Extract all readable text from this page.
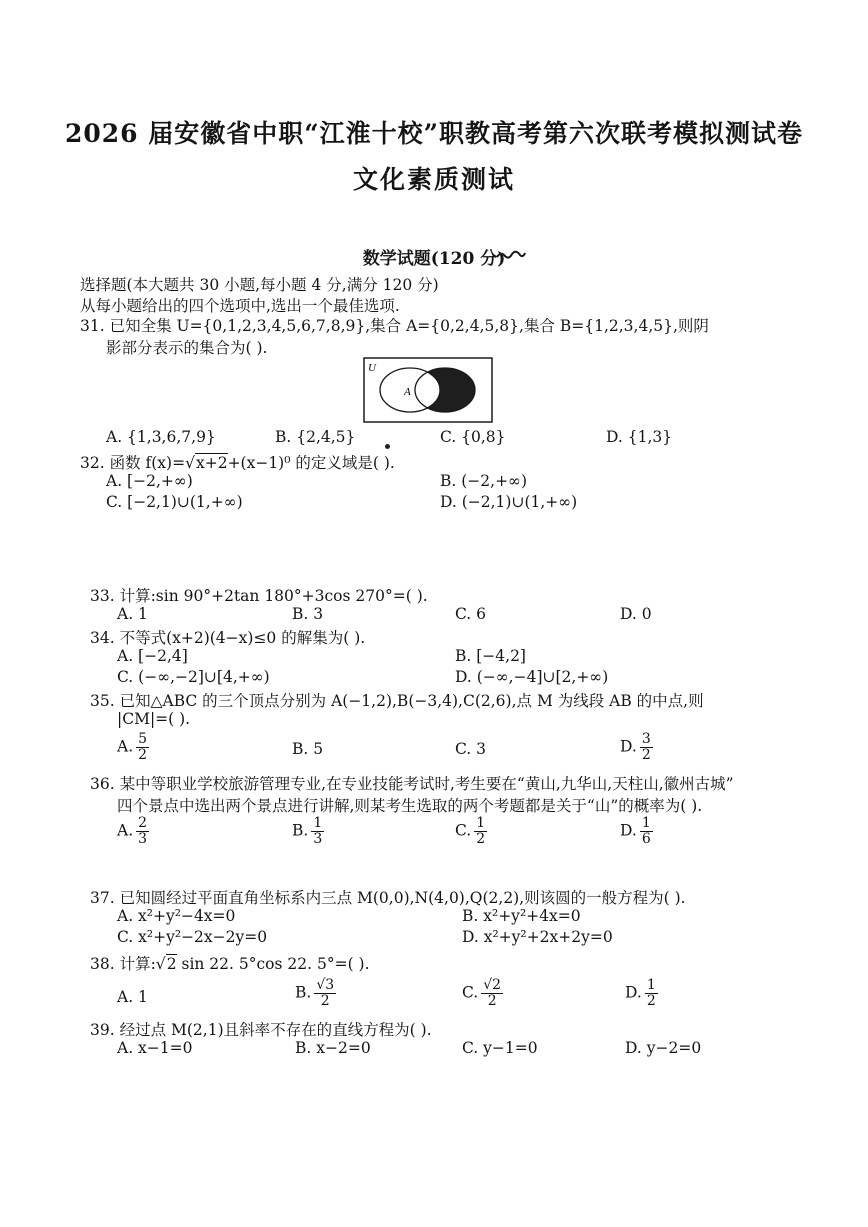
2026 届安徽省中职“江淮十校”职教高考第六次联考模拟测试卷
文化素质测试
数学试题(120 分)
选择题(本大题共 30 小题,每小题 4 分,满分 120 分)
从每小题给出的四个选项中,选出一个最佳选项.
31. 已知全集 U={0,1,2,3,4,5,6,7,8,9},集合 A={0,2,4,5,8},集合 B={1,2,3,4,5},则阴
影部分表示的集合为( ).
U
A
A. {1,3,6,7,9}	B. {2,4,5}	C. {0,8}	D. {1,3}
32. 函数 f(x)=√x+2+(x−1)⁰ 的定义域是( ).
A. [−2,+∞)	B. (−2,+∞)
C. [−2,1)∪(1,+∞)	D. (−2,1)∪(1,+∞)
33. 计算:sin 90°+2tan 180°+3cos 270°=( ).
A. 1	B. 3	C. 6	D. 0
34. 不等式(x+2)(4−x)≤0 的解集为( ).
A. [−2,4]	B. [−4,2]
C. (−∞,−2]∪[4,+∞)	D. (−∞,−4]∪[2,+∞)
35. 已知△ABC 的三个顶点分别为 A(−1,2),B(−3,4),C(2,6),点 M 为线段 AB 的中点,则
|CM|=( ).
A. $\frac{5}{2}$	B. 5	C. 3	D. $\frac{3}{2}$
36. 某中等职业学校旅游管理专业,在专业技能考试时,考生要在“黄山,九华山,天柱山,徽州古城”
四个景点中选出两个景点进行讲解,则某考生选取的两个考题都是关于“山”的概率为( ).
A. $\frac{2}{3}$	B. $\frac{1}{3}$	C. $\frac{1}{2}$	D. $\frac{1}{6}$
37. 已知圆经过平面直角坐标系内三点 M(0,0),N(4,0),Q(2,2),则该圆的一般方程为( ).
A. x²+y²−4x=0	B. x²+y²+4x=0
C. x²+y²−2x−2y=0	D. x²+y²+2x+2y=0
38. 计算:√2 sin 22. 5°cos 22. 5°=( ).
A. 1	B. $\frac{√3}{2}$	C. $\frac{√2}{2}$	D. $\frac{1}{2}$
39. 经过点 M(2,1)且斜率不存在的直线方程为( ).
A. x−1=0	B. x−2=0	C. y−1=0	D. y−2=0
